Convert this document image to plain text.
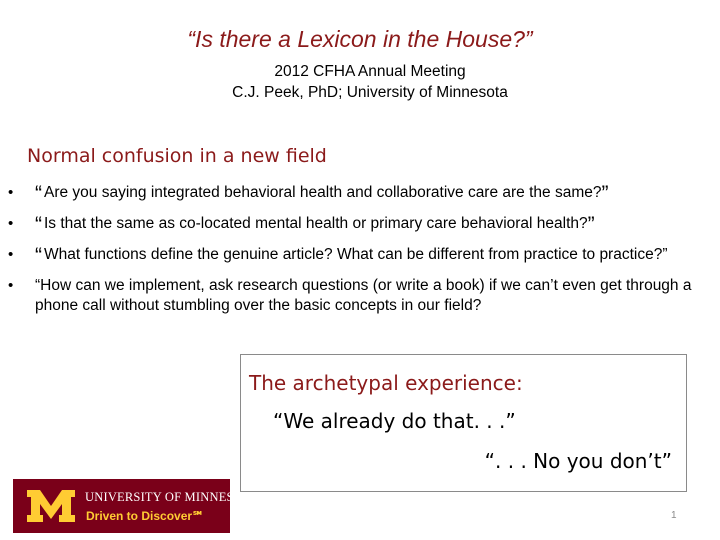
“Is there a Lexicon in the House?”
2012 CFHA Annual Meeting
C.J. Peek, PhD; University of Minnesota
Normal confusion in a new field
• “ Are you saying integrated behavioral health and collaborative care are the same?”
• “ Is that the same as co-located mental health or primary care behavioral health?”
• “ What functions define the genuine article? What can be different from practice to practice?”
• “How can we implement, ask research questions (or write a book) if we can’t even get through a phone call without stumbling over the basic concepts in our field?
The archetypal experience:
“We already do that. . .”
“. . . No you don’t”
UNIVERSITY OF MINNESOTA
Driven to Discover℠	1
